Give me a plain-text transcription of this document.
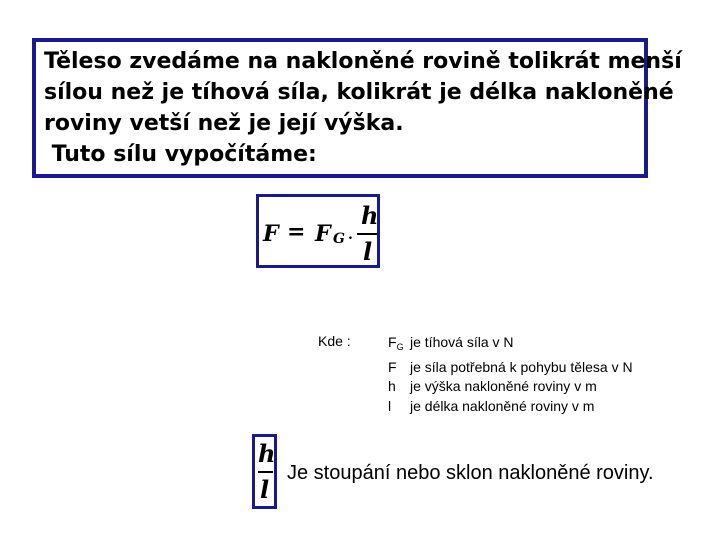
Těleso zvedáme na nakloněné rovině tolikrát menší
sílou než je tíhová síla, kolikrát je délka nakloněné
roviny vetší než je její výška.
Tuto sílu vypočítáme:
F = F G .
h
l
Kde :	$F_G$ je tíhová síla v N
F je síla potřebná k pohybu tělesa v N
h	je výška nakloněné roviny v m
l	je délka nakloněné roviny v m
h
l
Je stoupání nebo sklon nakloněné roviny.
